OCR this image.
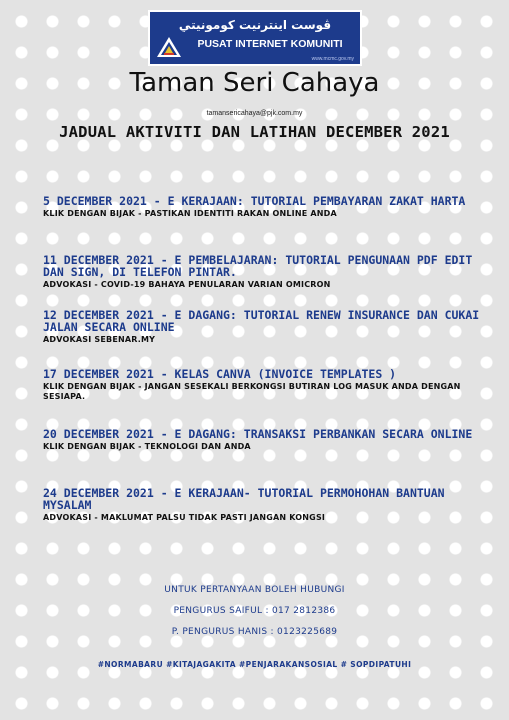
ڤوست اينترنيت كومونيتي
PUSAT INTERNET KOMUNITI
www.mcmc.gov.my
Taman Seri Cahaya
tamansericahaya@pjk.com.my
JADUAL AKTIVITI DAN LATIHAN DECEMBER 2021
5 DECEMBER 2021 - E KERAJAAN: TUTORIAL PEMBAYARAN ZAKAT HARTA
KLIK DENGAN BIJAK - PASTIKAN IDENTITI RAKAN ONLINE ANDA
11 DECEMBER 2021 - E PEMBELAJARAN: TUTORIAL PENGUNAAN PDF EDIT DAN SIGN, DI TELEFON PINTAR.
ADVOKASI - COVID-19 BAHAYA PENULARAN VARIAN OMICRON
12 DECEMBER 2021 - E DAGANG: TUTORIAL RENEW INSURANCE DAN CUKAI JALAN SECARA ONLINE
ADVOKASI SEBENAR.MY
17 DECEMBER 2021 - KELAS CANVA (INVOICE TEMPLATES )
KLIK DENGAN BIJAK - JANGAN SESEKALI BERKONGSI BUTIRAN LOG MASUK ANDA DENGAN SESIAPA.
20 DECEMBER 2021 - E DAGANG: TRANSAKSI PERBANKAN SECARA ONLINE
KLIK DENGAN BIJAK - TEKNOLOGI DAN ANDA
24 DECEMBER 2021 - E KERAJAAN- TUTORIAL PERMOHOHAN BANTUAN MYSALAM
ADVOKASI - MAKLUMAT PALSU TIDAK PASTI JANGAN KONGSI
UNTUK PERTANYAAN BOLEH HUBUNGI
PENGURUS SAIFUL : 017 2812386
P. PENGURUS HANIS : 0123225689
#NORMABARU #KITAJAGAKITA #PENJARAKANSOSIAL # SOPDIPATUHI
